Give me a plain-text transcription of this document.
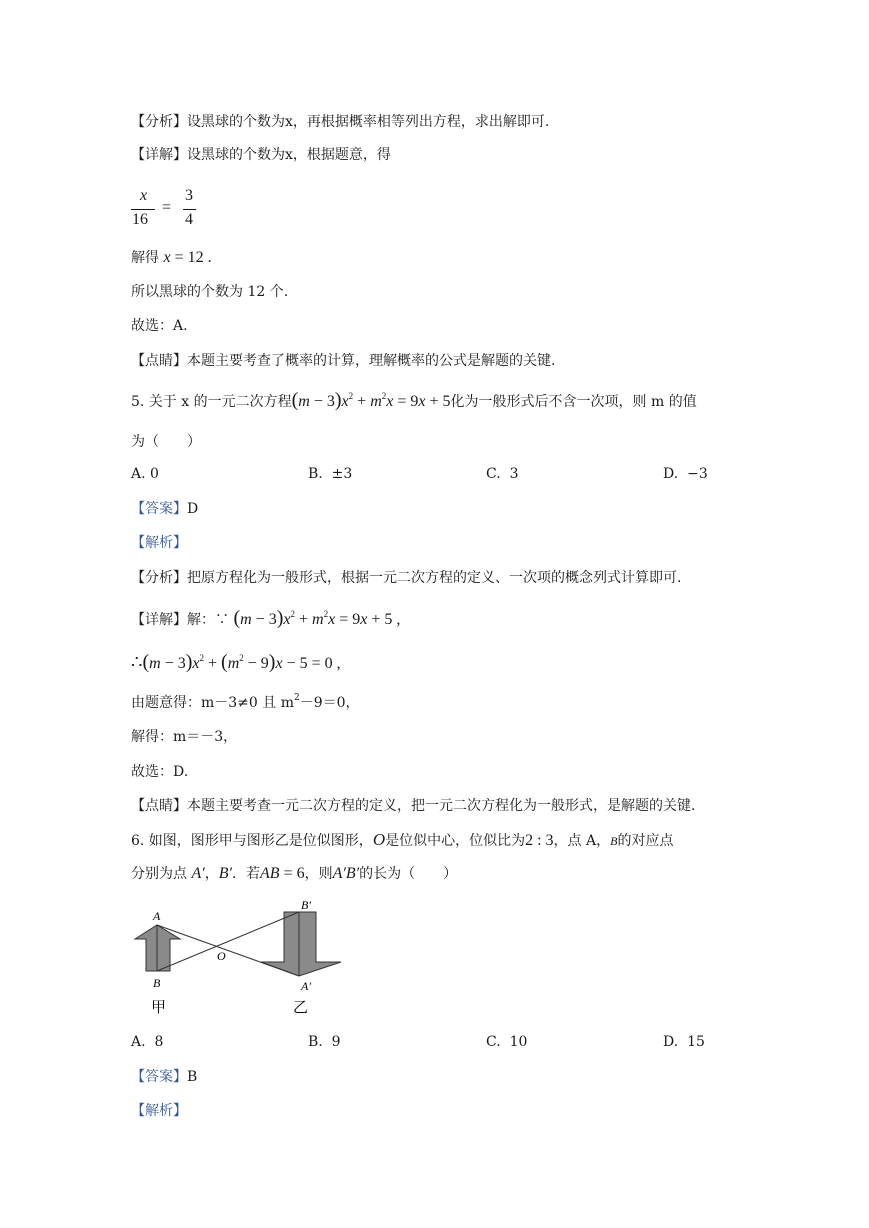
【分析】设黑球的个数为x，再根据概率相等列出方程，求出解即可.
【详解】设黑球的个数为x，根据题意，得
x
16
=
3
4
解得 x = 12 .
所以黑球的个数为 12 个.
故选：A.
【点睛】本题主要考查了概率的计算，理解概率的公式是解题的关键.
5. 关于 x 的一元二次方程$(m - 3)x^2 + m^2x = 9x + 5$化为一般形式后不含一次项，则 m 的值
为（　　）
A. 0	B. ±3	C. 3	D. −3
【答案】D
【解析】
【分析】把原方程化为一般形式，根据一元二次方程的定义、一次项的概念列式计算即可.
【详解】解：∵ $(m - 3)x^2 + m^2x = 9x + 5$ ,
∴(m − $3)x^2 + (m^2 - 9)x - 5 = 0$ ,
由题意得：m－3≠0 且 $m^2-9=0$，
解得：m＝－3，
故选：D.
【点睛】本题主要考查一元二次方程的定义，把一元二次方程化为一般形式，是解题的关键.
6. 如图，图形甲与图形乙是位似图形，O是位似中心，位似比为2 : 3，点 A，B的对应点
分别为点 A′，B′．若AB = 6，则A′B′的长为（　　）
A
B
O
A′
B′
甲	乙
A. 8	B. 9	C. 10	D. 15
【答案】B
【解析】
